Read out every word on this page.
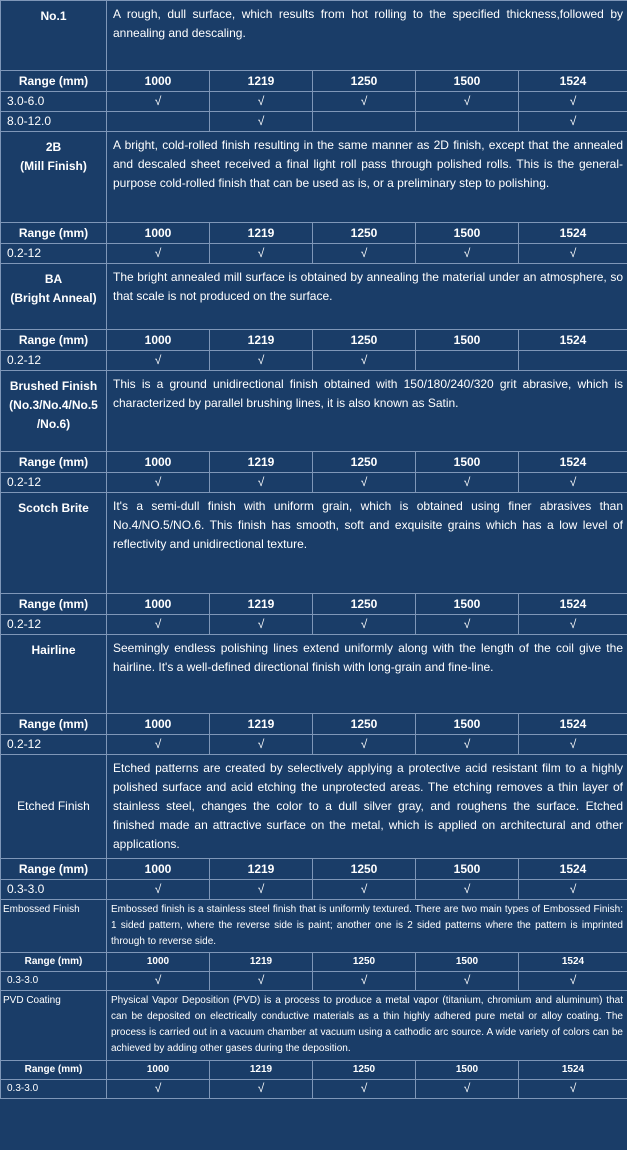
No.1	A rough, dull surface, which results from hot rolling to the specified thickness,followed by annealing and descaling.				
Range (mm)	1000	1219	1250	1500	1524
3.0-6.0	√	√	√	√	√
8.0-12.0		√			√

2B
(Mill Finish)	A bright, cold-rolled finish resulting in the same manner as 2D finish, except that the annealed and descaled sheet received a final light roll pass through polished rolls. This is the general-purpose cold-rolled finish that can be used as is, or a preliminary step to polishing.				
Range (mm)	1000	1219	1250	1500	1524
0.2-12	√	√	√	√	√

BA
(Bright Anneal)	The bright annealed mill surface is obtained by annealing the material under an atmosphere, so that scale is not produced on the surface.				
Range (mm)	1000	1219	1250	1500	1524
0.2-12	√	√	√		

Brushed Finish
(No.3/No.4/No.5
/No.6)	This is a ground unidirectional finish obtained with 150/180/240/320 grit abrasive, which is characterized by parallel brushing lines, it is also known as Satin.				
Range (mm)	1000	1219	1250	1500	1524
0.2-12	√	√	√	√	√

Scotch Brite	It's a semi-dull finish with uniform grain, which is obtained using finer abrasives than No.4/NO.5/NO.6. This finish has smooth, soft and exquisite grains which has a low level of reflectivity and unidirectional texture.				
Range (mm)	1000	1219	1250	1500	1524
0.2-12	√	√	√	√	√

Hairline	Seemingly endless polishing lines extend uniformly along with the length of the coil give the hairline. It's a well-defined directional finish with long-grain and fine-line.				
Range (mm)	1000	1219	1250	1500	1524
0.2-12	√	√	√	√	√

Etched Finish	Etched patterns are created by selectively applying a protective acid resistant film to a highly polished surface and acid etching the unprotected areas. The etching removes a thin layer of stainless steel, changes the color to a dull silver gray, and roughens the surface. Etched finished made an attractive surface on the metal, which is applied on architectural and other applications.				
Range (mm)	1000	1219	1250	1500	1524
0.3-3.0	√	√	√	√	√

Embossed Finish	Embossed finish is a stainless steel finish that is uniformly textured. There are two main types of Embossed Finish: 1 sided pattern, where the reverse side is paint; another one is 2 sided patterns where the pattern is imprinted through to reverse side.				
Range (mm)	1000	1219	1250	1500	1524
0.3-3.0	√	√	√	√	√

PVD Coating	Physical Vapor Deposition (PVD) is a process to produce a metal vapor (titanium, chromium and aluminum) that can be deposited on electrically conductive materials as a thin highly adhered pure metal or alloy coating. The process is carried out in a vacuum chamber at vacuum using a cathodic arc source. A wide variety of colors can be achieved by adding other gases during the deposition.				
Range (mm)	1000	1219	1250	1500	1524
0.3-3.0	√	√	√	√	√
